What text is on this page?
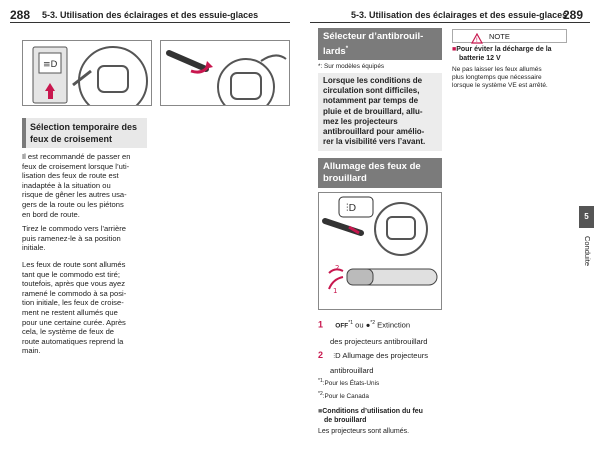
288 5-3. Utilisation des éclairages et des essuie-glaces	5-3. Utilisation des éclairages et des essuie-glaces
289
≡D
Sélection temporaire des
feux de croisement
Il est recommandé de passer en
feux de croisement lorsque l’uti-
lisation des feux de route est
inadaptée à la situation ou
risque de gêner les autres usa-
gers de la route ou les piétons
en bord de route.
Tirez le commodo vers l’arrière
puis ramenez-le à sa position
initiale.
Les feux de route sont allumés
tant que le commodo est tiré;
toutefois, après que vous ayez
ramené le commodo à sa posi-
tion initiale, les feux de croise-
ment ne restent allumés que
pour une certaine curée. Après
cela, le système de feux de
route automatiques reprend la
main.
Sélecteur d’antibrouil-
lards*
*: Sur modèles équipés
Lorsque les conditions de
circulation sont difficiles,
notamment par temps de
pluie et de brouillard, allu-
mez les projecteurs
antibrouillard pour amélio-
rer la visibilité vers l’avant.
Allumage des feux de
brouillard
⫶D
2
1
1 OFF$^{*1}$ ou ●$^{*2}$ Extinction
des projecteurs antibrouillard
2 ⫶D Allumage des projecteurs
antibrouillard
$^{*1}$:Pour les États-Unis
$^{*2}$:Pour le Canada
■Conditions d’utilisation du feu
de brouillard
Les projecteurs sont allumés.
! NOTE
■Pour éviter la décharge de la
batterie 12 V
Ne pas laisser les feux allumés
plus longtemps que nécessaire
lorsque le système VE est arrêté.
5
Conduite
